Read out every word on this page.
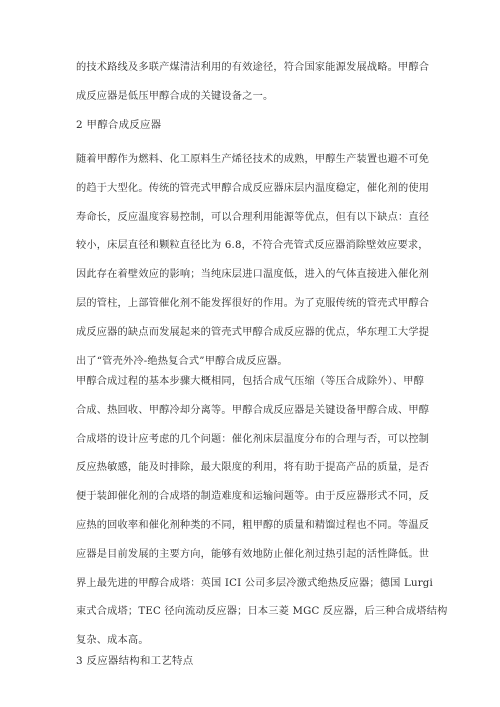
的技术路线及多联产煤清洁利用的有效途径，符合国家能源发展战略。甲醇合
成反应器是低压甲醇合成的关键设备之一。
2 甲醇合成反应器
随着甲醇作为燃料、化工原料生产烯径技术的成熟，甲醇生产装置也避不可免
的趋于大型化。传统的管壳式甲醇合成反应器床层内温度稳定，催化剂的使用
寿命长，反应温度容易控制，可以合理利用能源等优点，但有以下缺点：直径
较小，床层直径和颗粒直径比为 6.8，不符合壳管式反应器消除壁效应要求，
因此存在着壁效应的影响；当纯床层进口温度低，进入的气体直接进入催化剂
层的管柱，上部管催化剂不能发挥很好的作用。为了克服传统的管壳式甲醇合
成反应器的缺点而发展起来的管壳式甲醇合成反应器的优点，华东理工大学提
出了“管壳外冷-绝热复合式”甲醇合成反应器。
甲醇合成过程的基本步骤大概相同，包括合成气压缩（等压合成除外）、甲醇
合成、热回收、甲醇冷却分离等。甲醇合成反应器是关键设备甲醇合成、甲醇
合成塔的设计应考虑的几个问题：催化剂床层温度分布的合理与否，可以控制
反应热敏感，能及时排除，最大限度的利用，将有助于提高产品的质量，是否
便于装卸催化剂的合成塔的制造难度和运输问题等。由于反应器形式不同，反
应热的回收率和催化剂种类的不同，粗甲醇的质量和精馏过程也不同。等温反
应器是目前发展的主要方向，能够有效地防止催化剂过热引起的活性降低。世
界上最先进的甲醇合成塔：英国 ICI 公司多层冷激式绝热反应器；德国 Lurgi
束式合成塔；TEC 径向流动反应器；日本三菱 MGC 反应器，后三种合成塔结构
复杂、成本高。
3 反应器结构和工艺特点
